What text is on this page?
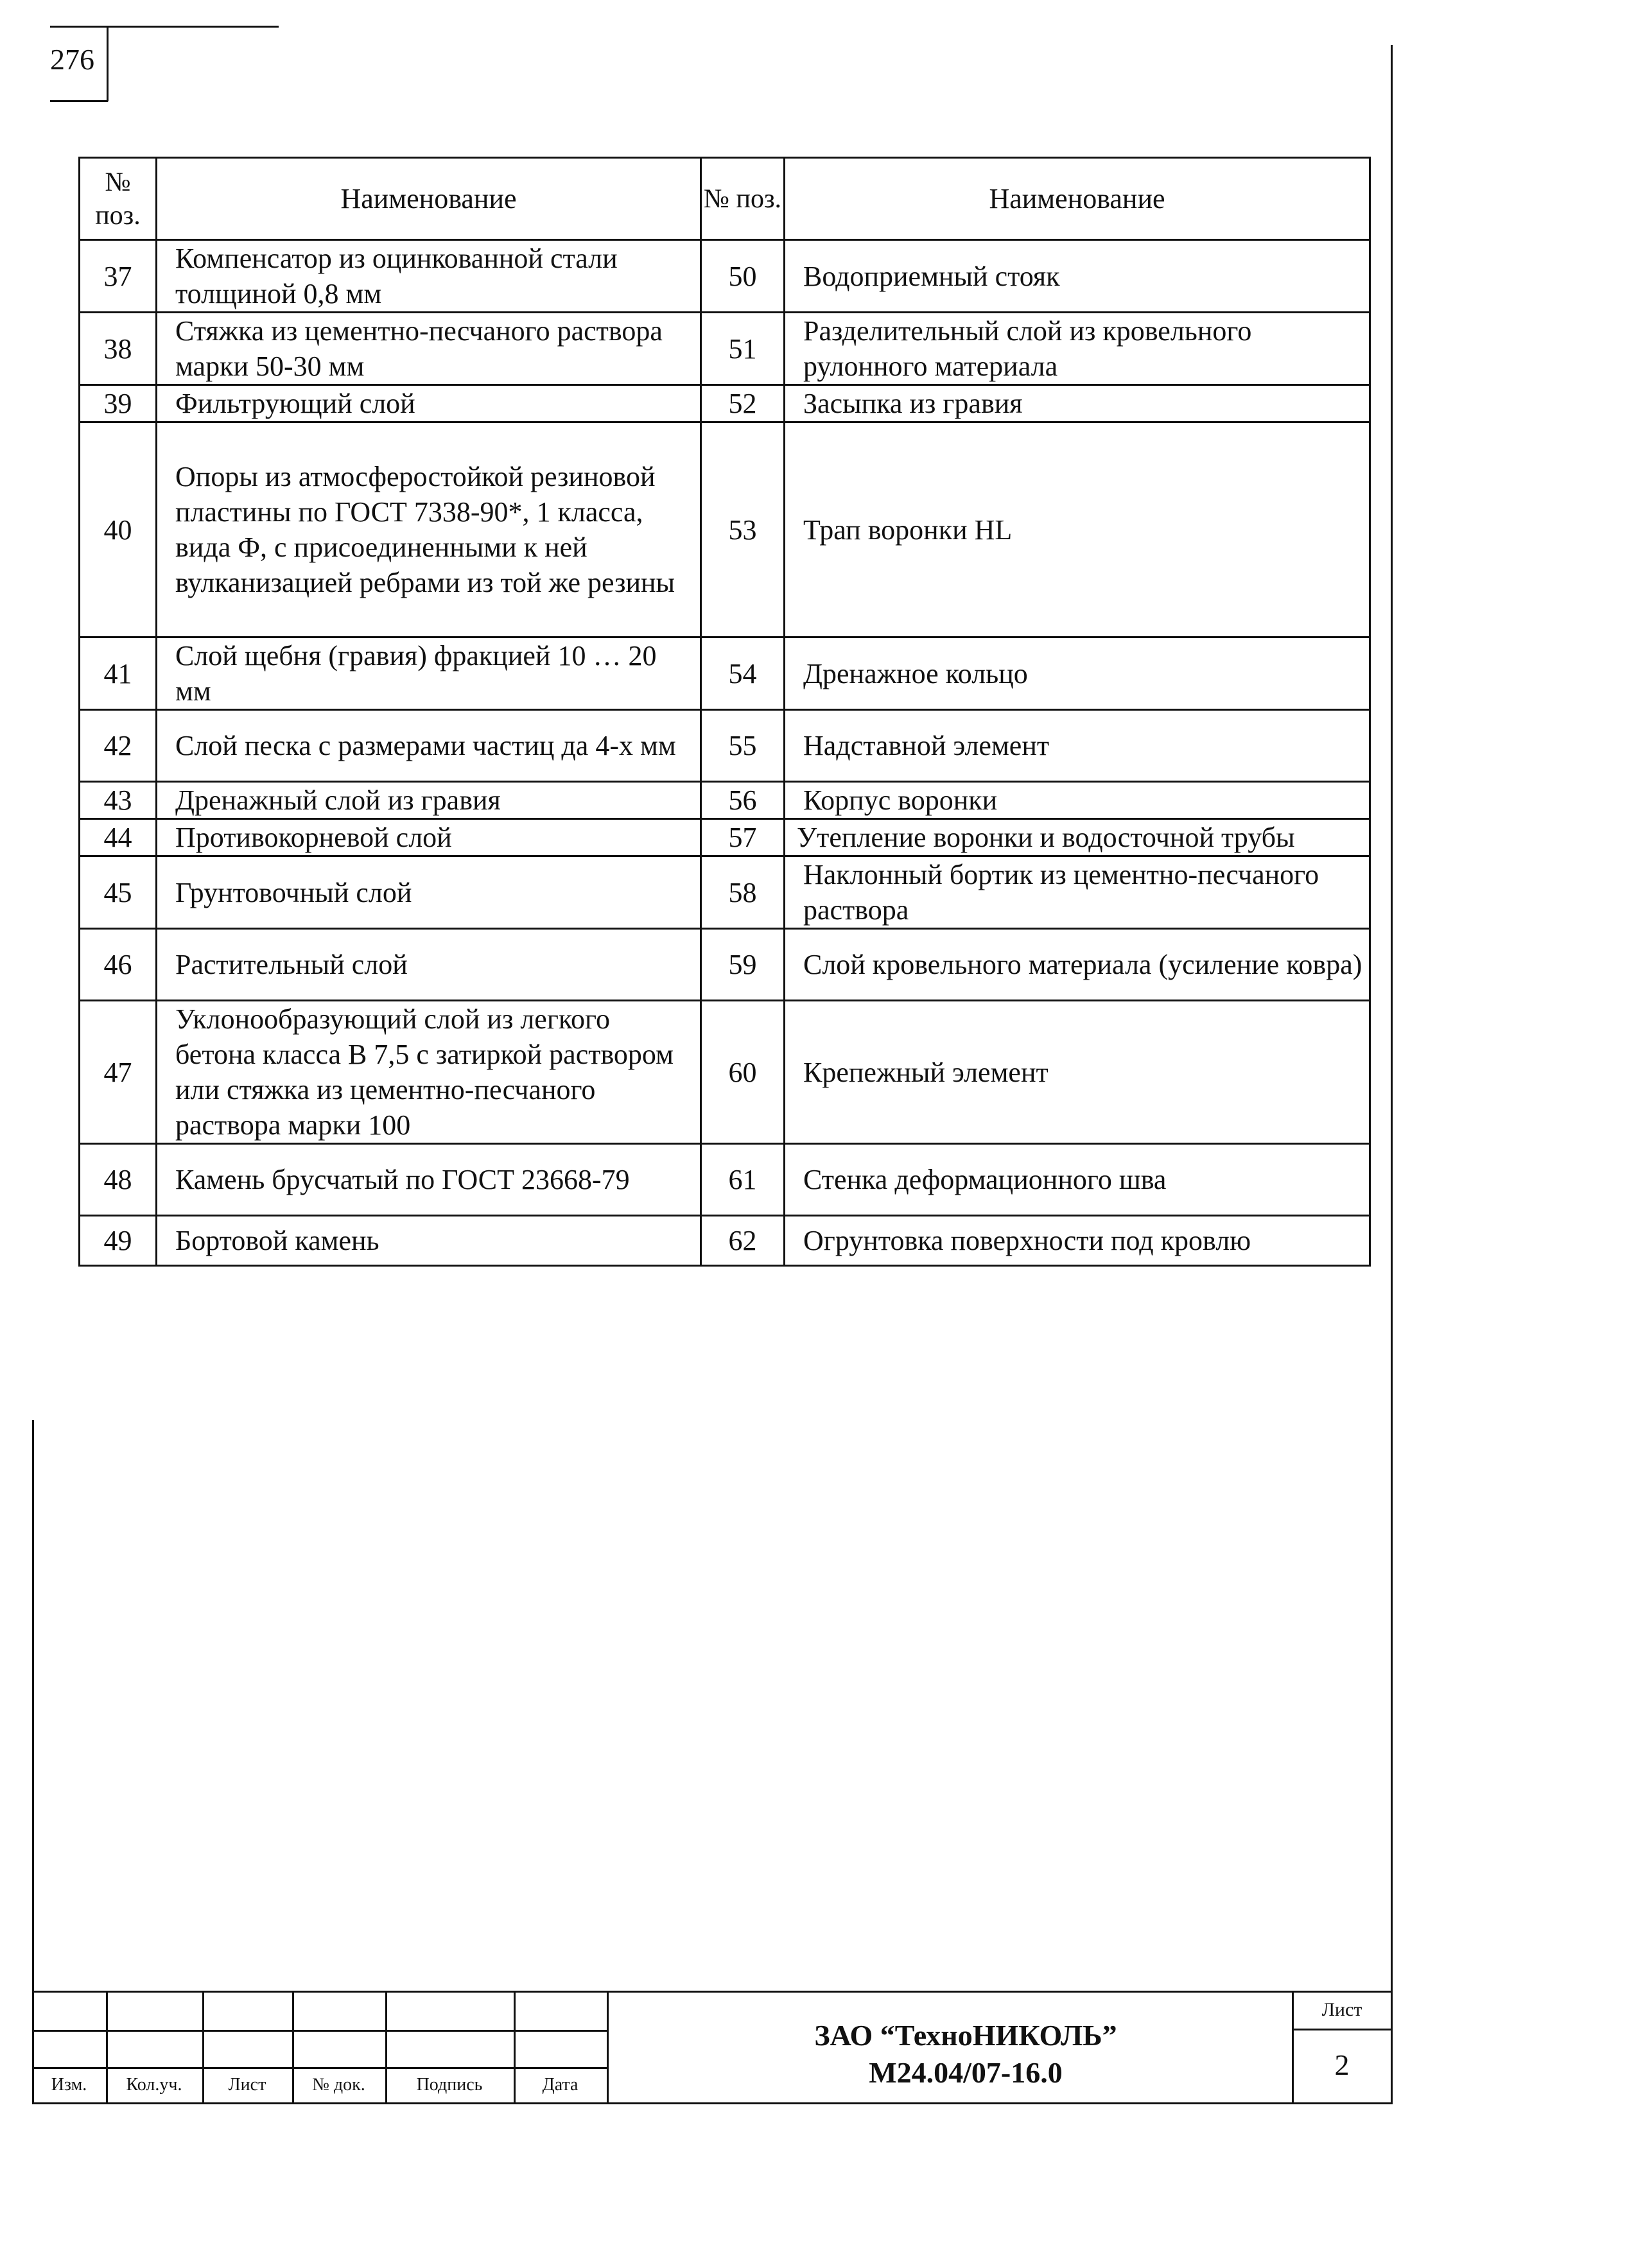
276
№ поз.	Наименование	№ поз.	Наименование
37	Компенсатор из оцинкованной стали толщиной 0,8 мм	50	Водоприемный стояк
38	Стяжка из цементно-песчаного раствора марки 50-30 мм	51	Разделительный слой из кровельного рулонного материала
39	Фильтрующий слой	52	Засыпка из гравия
40	Опоры из атмосферостойкой резиновой пластины по ГОСТ 7338-90*, 1 класса, вида Ф, с присоединенными к ней вулканизацией ребрами из той же резины	53	Трап воронки HL
41	Слой щебня (гравия) фракцией 10 … 20 мм	54	Дренажное кольцо
42	Слой песка с размерами частиц да 4-х мм	55	Надставной элемент
43	Дренажный слой из гравия	56	Корпус воронки
44	Противокорневой слой	57	Утепление воронки и водосточной трубы
45	Грунтовочный слой	58	Наклонный бортик из цементно-песчаного раствора
46	Растительный слой	59	Слой кровельного материала (усиление ковра)
47	Уклонообразующий слой из легкого бетона класса В 7,5 с затиркой раствором или стяжка из цементно-песчаного раствора марки 100	60	Крепежный элемент
48	Камень брусчатый по ГОСТ 23668-79	61	Стенка деформационного шва
49	Бортовой камень	62	Огрунтовка поверхности под кровлю
Изм.	Кол.уч.	Лист	№ док.	Подпись	Дата
ЗАО “ТехноНИКОЛЬ”
М24.04/07-16.0
Лист
2
